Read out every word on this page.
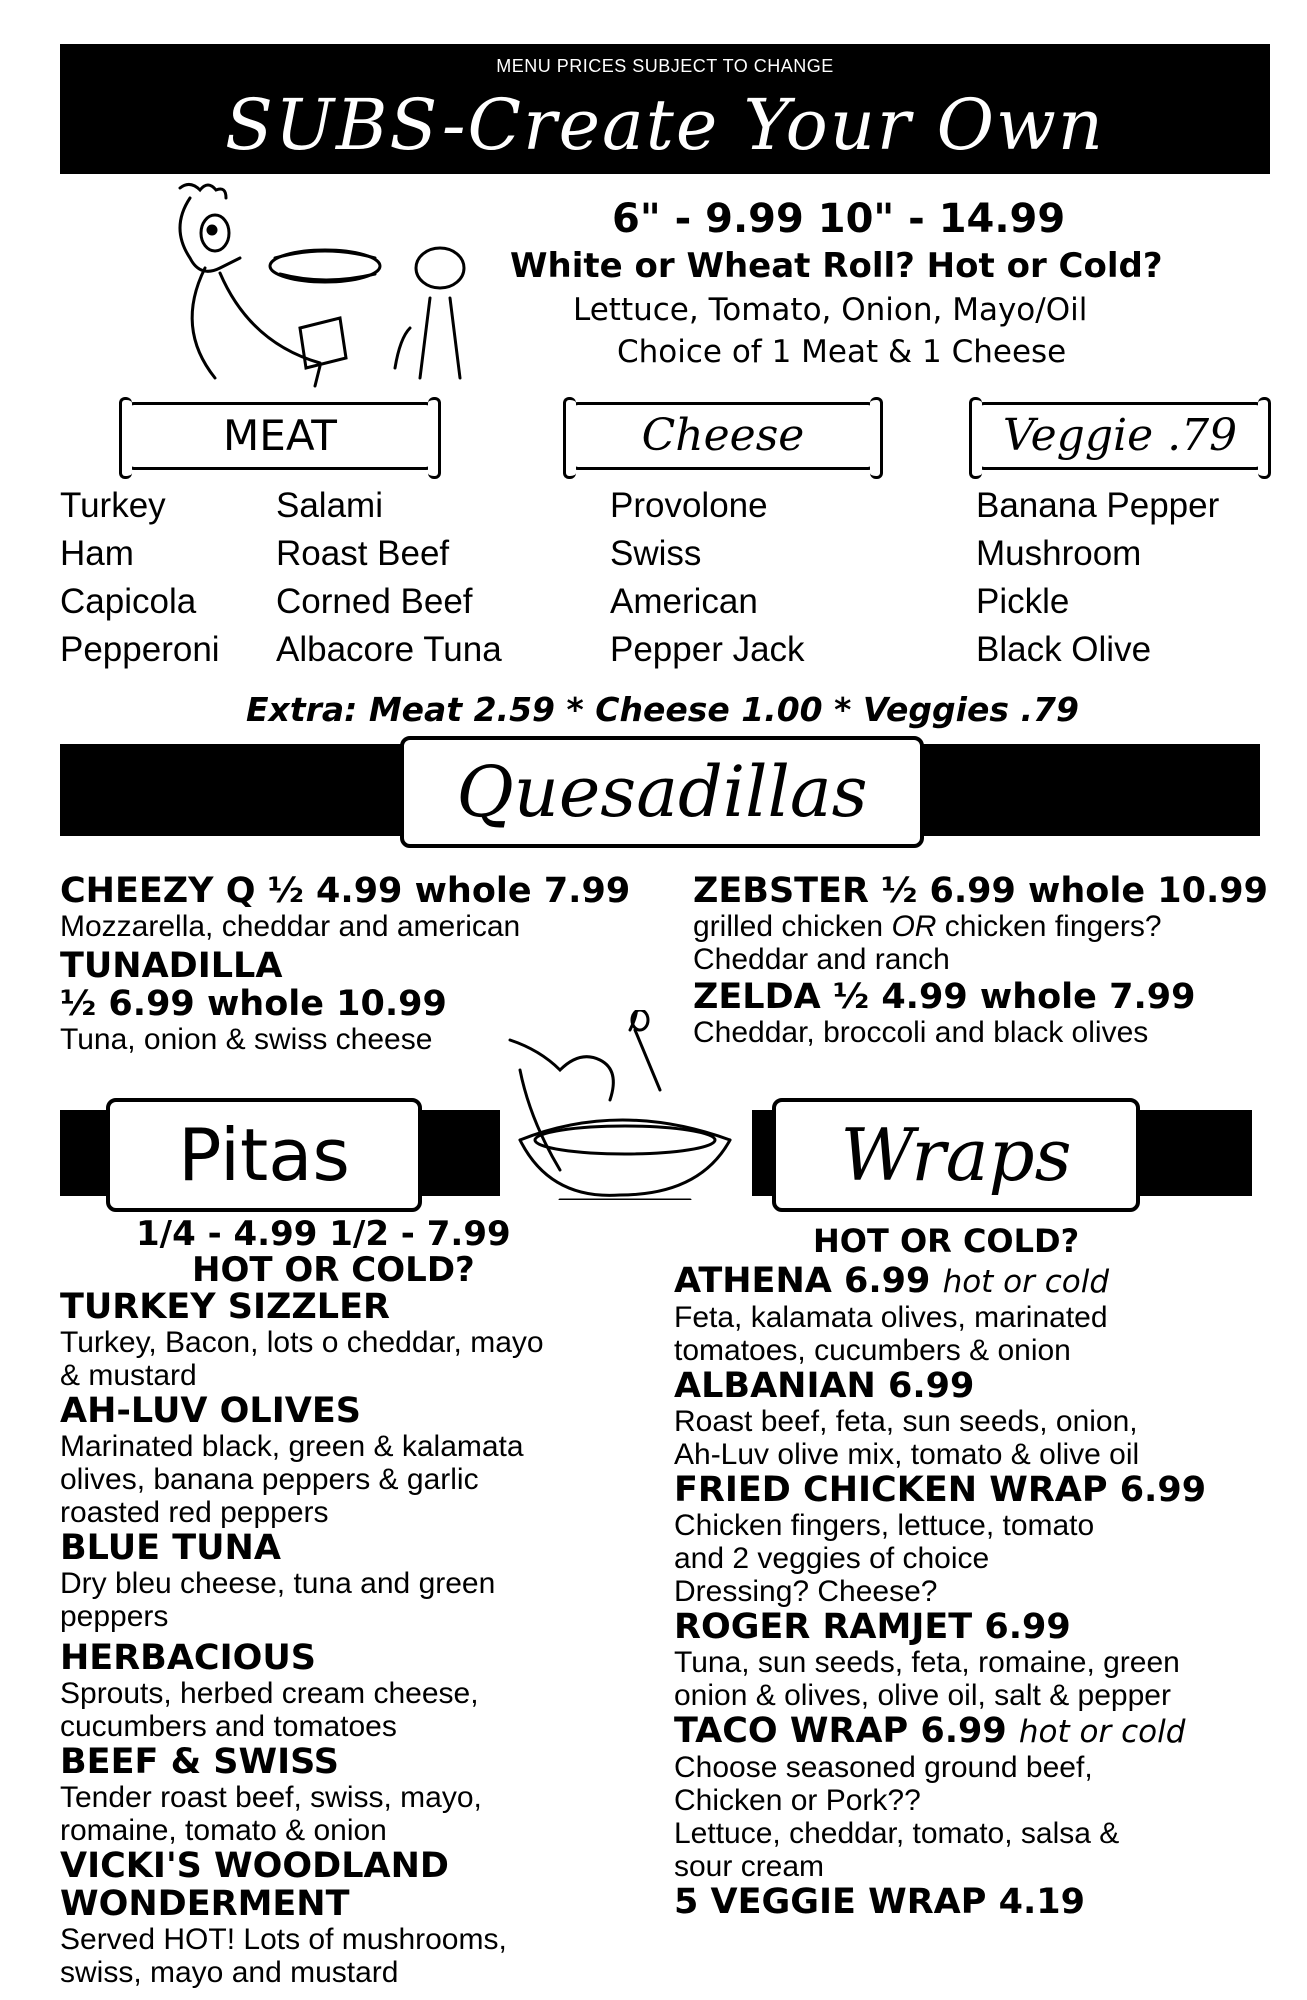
MENU PRICES SUBJECT TO CHANGE
SUBS-Create Your Own
6" - 9.99 10" - 14.99
White or Wheat Roll? Hot or Cold?
Lettuce, Tomato, Onion, Mayo/Oil
Choice of 1 Meat & 1 Cheese
MEAT	Cheese	Veggie .79
Turkey
Ham
Capicola
Pepperoni
Salami
Roast Beef
Corned Beef
Albacore Tuna
Provolone
Swiss
American
Pepper Jack
Banana Pepper
Mushroom
Pickle
Black Olive
Extra: Meat 2.59 * Cheese 1.00 * Veggies .79
Quesadillas
CHEEZY Q ½ 4.99 whole 7.99
Mozzarella, cheddar and american
TUNADILLA
½ 6.99 whole 10.99
Tuna, onion & swiss cheese
ZEBSTER ½ 6.99 whole 10.99
grilled chicken OR chicken fingers?
Cheddar and ranch
ZELDA ½ 4.99 whole 7.99
Cheddar, broccoli and black olives
Pitas
1/4 - 4.99 1/2 - 7.99
HOT OR COLD?
TURKEY SIZZLER
Turkey, Bacon, lots o cheddar, mayo
& mustard
AH-LUV OLIVES
Marinated black, green & kalamata
olives, banana peppers & garlic
roasted red peppers
BLUE TUNA
Dry bleu cheese, tuna and green
peppers
HERBACIOUS
Sprouts, herbed cream cheese,
cucumbers and tomatoes
BEEF & SWISS
Tender roast beef, swiss, mayo,
romaine, tomato & onion
VICKI'S WOODLAND
WONDERMENT
Served HOT! Lots of mushrooms,
swiss, mayo and mustard
Wraps
HOT OR COLD?
ATHENA 6.99 hot or cold
Feta, kalamata olives, marinated
tomatoes, cucumbers & onion
ALBANIAN 6.99
Roast beef, feta, sun seeds, onion,
Ah-Luv olive mix, tomato & olive oil
FRIED CHICKEN WRAP 6.99
Chicken fingers, lettuce, tomato
and 2 veggies of choice
Dressing? Cheese?
ROGER RAMJET 6.99
Tuna, sun seeds, feta, romaine, green
onion & olives, olive oil, salt & pepper
TACO WRAP 6.99 hot or cold
Choose seasoned ground beef,
Chicken or Pork??
Lettuce, cheddar, tomato, salsa &
sour cream
5 VEGGIE WRAP 4.19
